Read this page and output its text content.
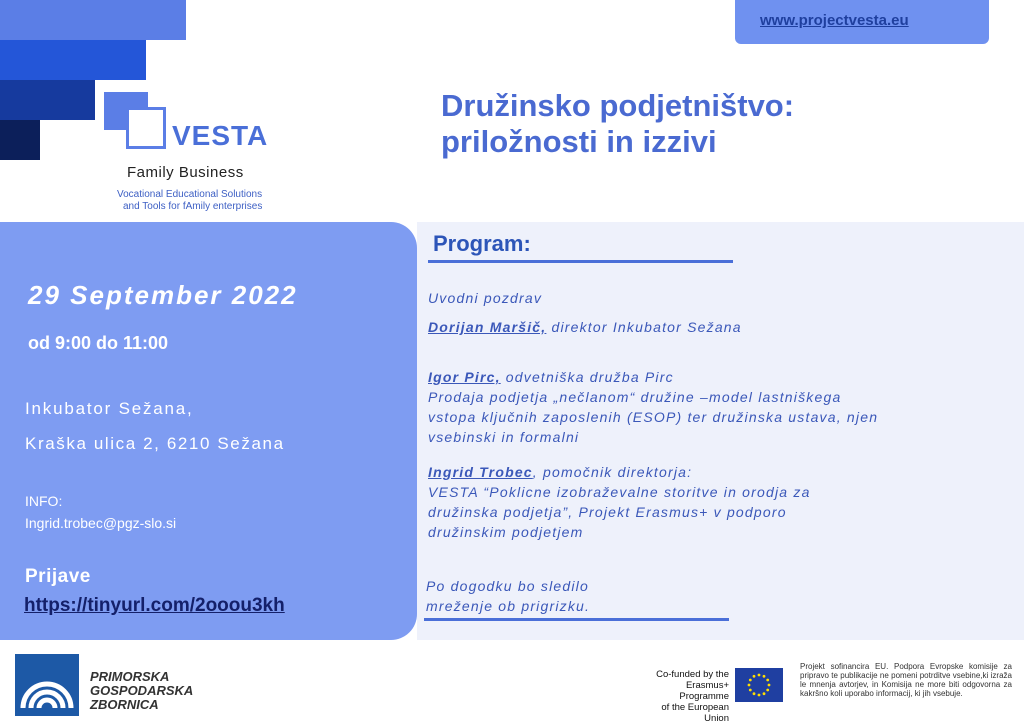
www.projectvesta.eu
VESTA
Family Business
Vocational Educational Solutions
and Tools for fAmily enterprises
Družinsko podjetništvo:
priložnosti in izzivi
29 September 2022
od 9:00 do 11:00
Inkubator Sežana,
Kraška ulica 2, 6210 Sežana
INFO:
Ingrid.trobec@pgz-slo.si
Prijave
https://tinyurl.com/2ooou3kh
Program:
Uvodni pozdrav
Dorijan Maršič, direktor Inkubator Sežana
Igor Pirc, odvetniška družba Pirc
Prodaja podjetja „nečlanom“ družine –model lastniškega
vstopa ključnih zaposlenih (ESOP) ter družinska ustava, njen
vsebinski in formalni
Ingrid Trobec, pomočnik direktorja:
VESTA “Poklicne izobraževalne storitve in orodja za
družinska podjetja”, Projekt Erasmus+ v podporo
družinskim podjetjem
Po dogodku bo sledilo
mreženje ob prigrizku.
PRIMORSKA
GOSPODARSKA
ZBORNICA
Co-funded by the
Erasmus+ Programme
of the European Union
Projekt sofinancira EU. Podpora Evropske komisije za pripravo te publikacije ne pomeni potrditve vsebine,ki izraža le mnenja avtorjev, in Komisija ne more biti odgovorna za kakršno koli uporabo informacij, ki jih vsebuje.
